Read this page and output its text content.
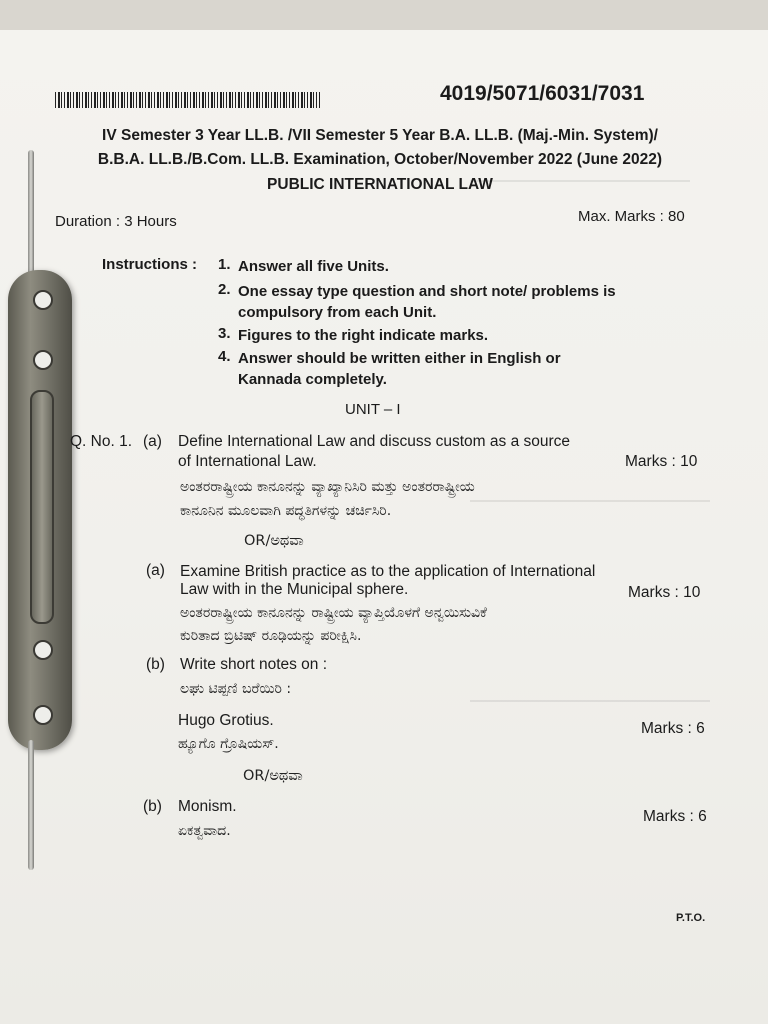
4019/5071/6031/7031
IV Semester 3 Year LL.B. /VII Semester 5 Year B.A. LL.B. (Maj.-Min. System)/
B.B.A. LL.B./B.Com. LL.B. Examination, October/November 2022 (June 2022)
PUBLIC INTERNATIONAL LAW
Duration : 3 Hours	Max. Marks : 80
Instructions : 1. Answer all five Units.
2. One essay type question and short note/ problems is compulsory from each Unit.
3. Figures to the right indicate marks.
4. Answer should be written either in English or Kannada completely.
UNIT – I
Q. No. 1. (a) Define International Law and discuss custom as a source
of International Law.	Marks : 10
ಅಂತರರಾಷ್ಟ್ರೀಯ ಕಾನೂನನ್ನು ವ್ಯಾಖ್ಯಾನಿಸಿರಿ ಮತ್ತು ಅಂತರರಾಷ್ಟ್ರೀಯ
ಕಾನೂನಿನ ಮೂಲವಾಗಿ ಪದ್ಧತಿಗಳನ್ನು ಚರ್ಚಿಸಿರಿ.
OR/ಅಥವಾ
(a) Examine British practice as to the application of International
Law with in the Municipal sphere.	Marks : 10
ಅಂತರರಾಷ್ಟ್ರೀಯ ಕಾನೂನನ್ನು ರಾಷ್ಟ್ರೀಯ ವ್ಯಾಪ್ತಿಯೊಳಗೆ ಅನ್ವಯಿಸುವಿಕೆ
ಕುರಿತಾದ ಬ್ರಿಟಿಷ್ ರೂಢಿಯನ್ನು ಪರೀಕ್ಷಿಸಿ.
(b) Write short notes on :
ಲಘು ಟಿಪ್ಪಣಿ ಬರೆಯಿರಿ :
Hugo Grotius.	Marks : 6
ಹ್ಯೂಗೊ ಗ್ರೊಷಿಯಸ್.
OR/ಅಥವಾ
(b) Monism.
Marks : 6
ಏಕತ್ವವಾದ.
P.T.O.
